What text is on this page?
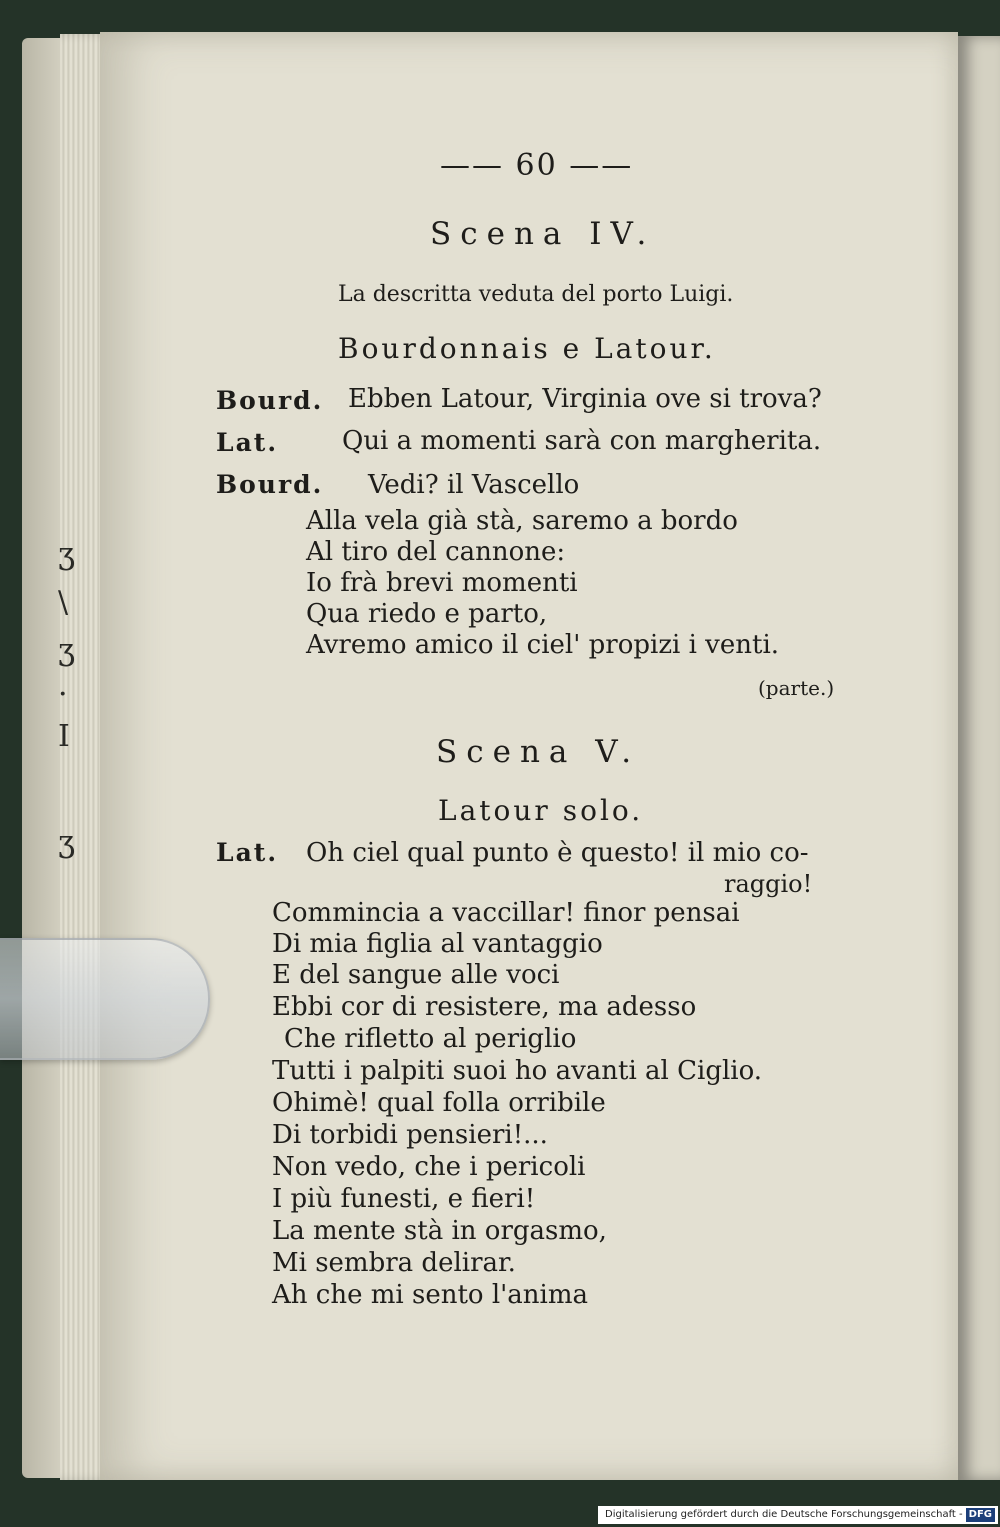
ʒ
\
ʒ
·
I
ʒ
—— 60 ——
Scena IV.
La descritta veduta del porto Luigi.
Bourdonnais e Latour.
Bourd. Ebben Latour, Virginia ove si trova?
Lat. Qui a momenti sarà con margherita.
Bourd. Vedi? il Vascello
Alla vela già stà, saremo a bordo
Al tiro del cannone:
Io frà brevi momenti
Qua riedo e parto,
Avremo amico il ciel' propizi i venti.
(parte.)
Scena V.
Latour solo.
Lat. Oh ciel qual punto è questo! il mio co-
raggio!
Commincia a vaccillar! finor pensai
Di mia figlia al vantaggio
E del sangue alle voci
Ebbi cor di resistere, ma adesso
Che rifletto al periglio
Tutti i palpiti suoi ho avanti al Ciglio.
Ohimè! qual folla orribile
Di torbidi pensieri!...
Non vedo, che i pericoli
I più funesti, e fieri!
La mente stà in orgasmo,
Mi sembra delirar.
Ah che mi sento l'anima
Digitalisierung gefördert durch die Deutsche Forschungsgemeinschaft - DFG
